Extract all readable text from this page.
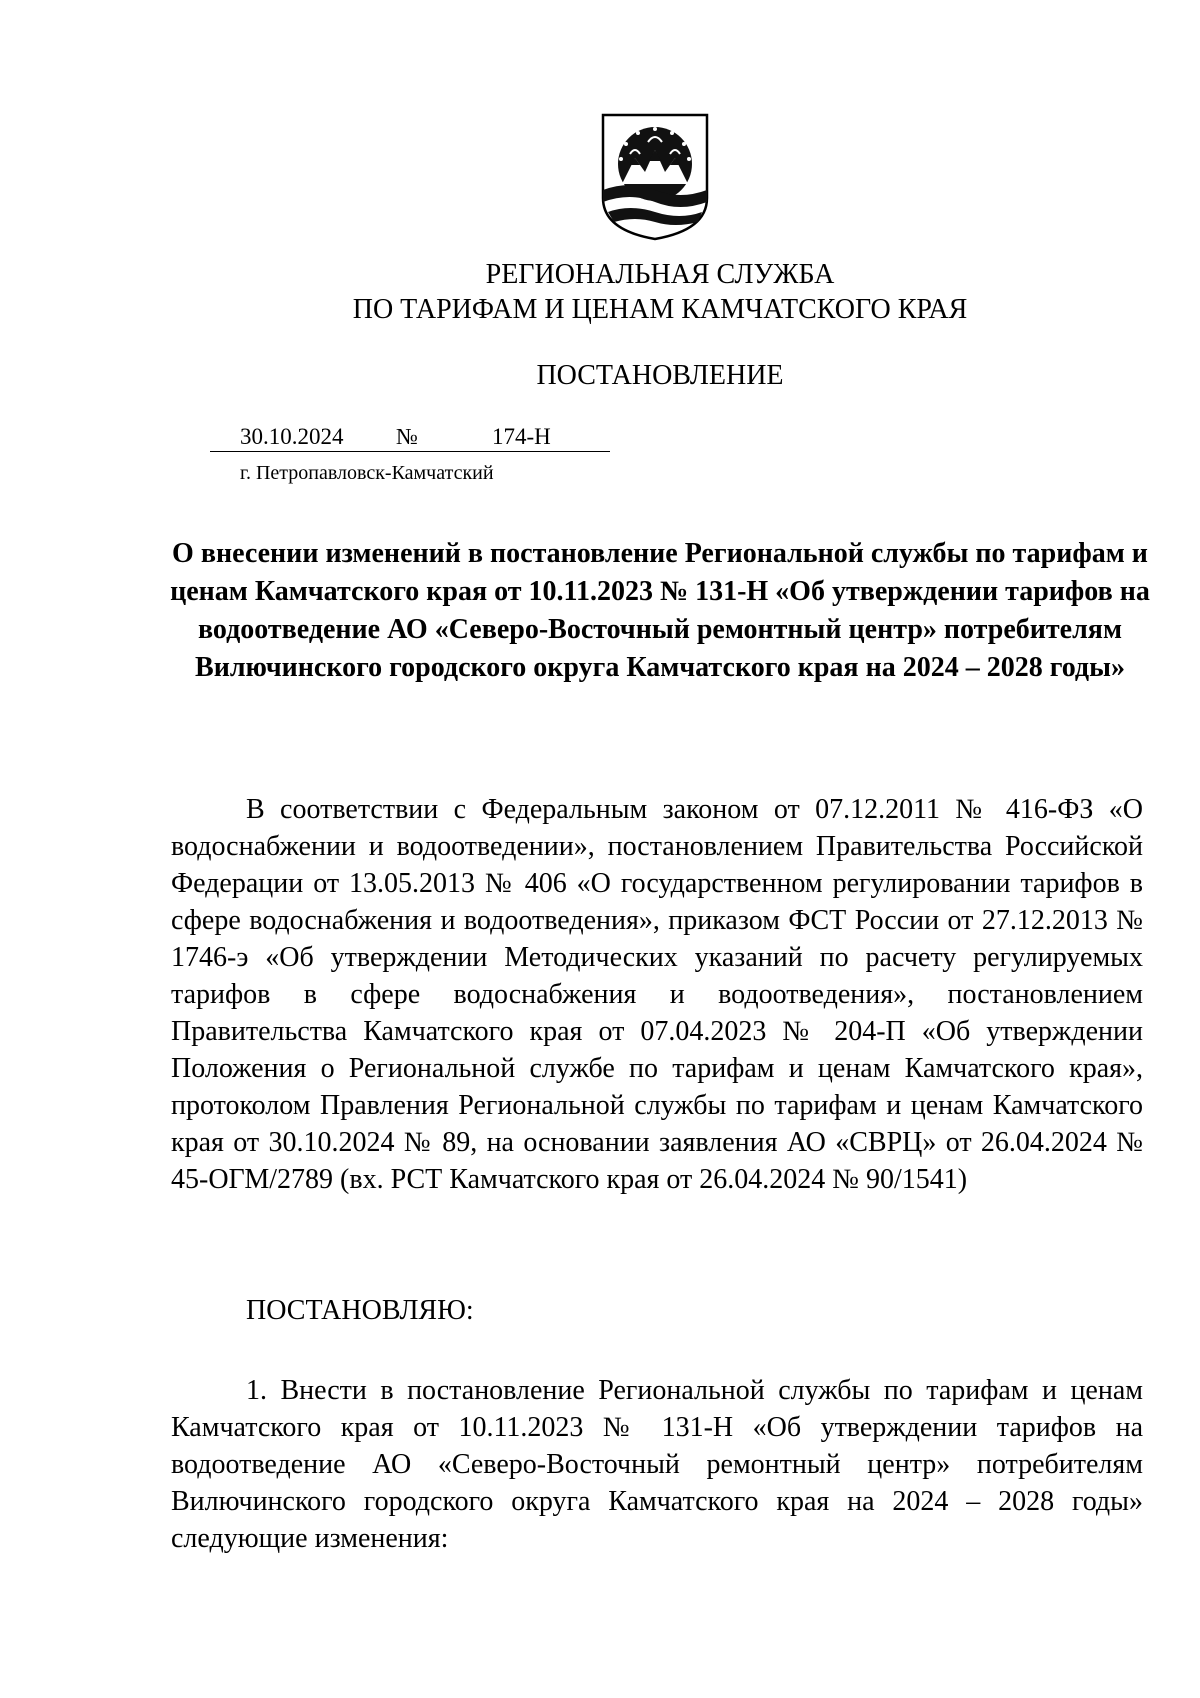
РЕГИОНАЛЬНАЯ СЛУЖБА
ПО ТАРИФАМ И ЦЕНАМ КАМЧАТСКОГО КРАЯ
ПОСТАНОВЛЕНИЕ
30.10.2024 №	174-Н
г. Петропавловск-Камчатский
О внесении изменений в постановление Региональной службы по тарифам и ценам Камчатского края от 10.11.2023 № 131-Н «Об утверждении тарифов на водоотведение АО «Северо-Восточный ремонтный центр» потребителям Вилючинского городского округа Камчатского края на 2024 – 2028 годы»

В соответствии с Федеральным законом от 07.12.2011 № 416-ФЗ «О водоснабжении и водоотведении», постановлением Правительства Российской Федерации от 13.05.2013 № 406 «О государственном регулировании тарифов в сфере водоснабжения и водоотведения», приказом ФСТ России от 27.12.2013 № 1746-э «Об утверждении Методических указаний по расчету регулируемых тарифов в сфере водоснабжения и водоотведения», постановлением Правительства Камчатского края от 07.04.2023 № 204-П «Об утверждении Положения о Региональной службе по тарифам и ценам Камчатского края», протоколом Правления Региональной службы по тарифам и ценам Камчатского края от 30.10.2024 № 89, на основании заявления АО «СВРЦ» от 26.04.2024 № 45-ОГМ/2789 (вх. РСТ Камчатского края от 26.04.2024 № 90/1541)

ПОСТАНОВЛЯЮ:

1. Внести в постановление Региональной службы по тарифам и ценам Камчатского края от 10.11.2023 № 131-Н «Об утверждении тарифов на водоотведение АО «Северо-Восточный ремонтный центр» потребителям Вилючинского городского округа Камчатского края на 2024 – 2028 годы» следующие изменения:
